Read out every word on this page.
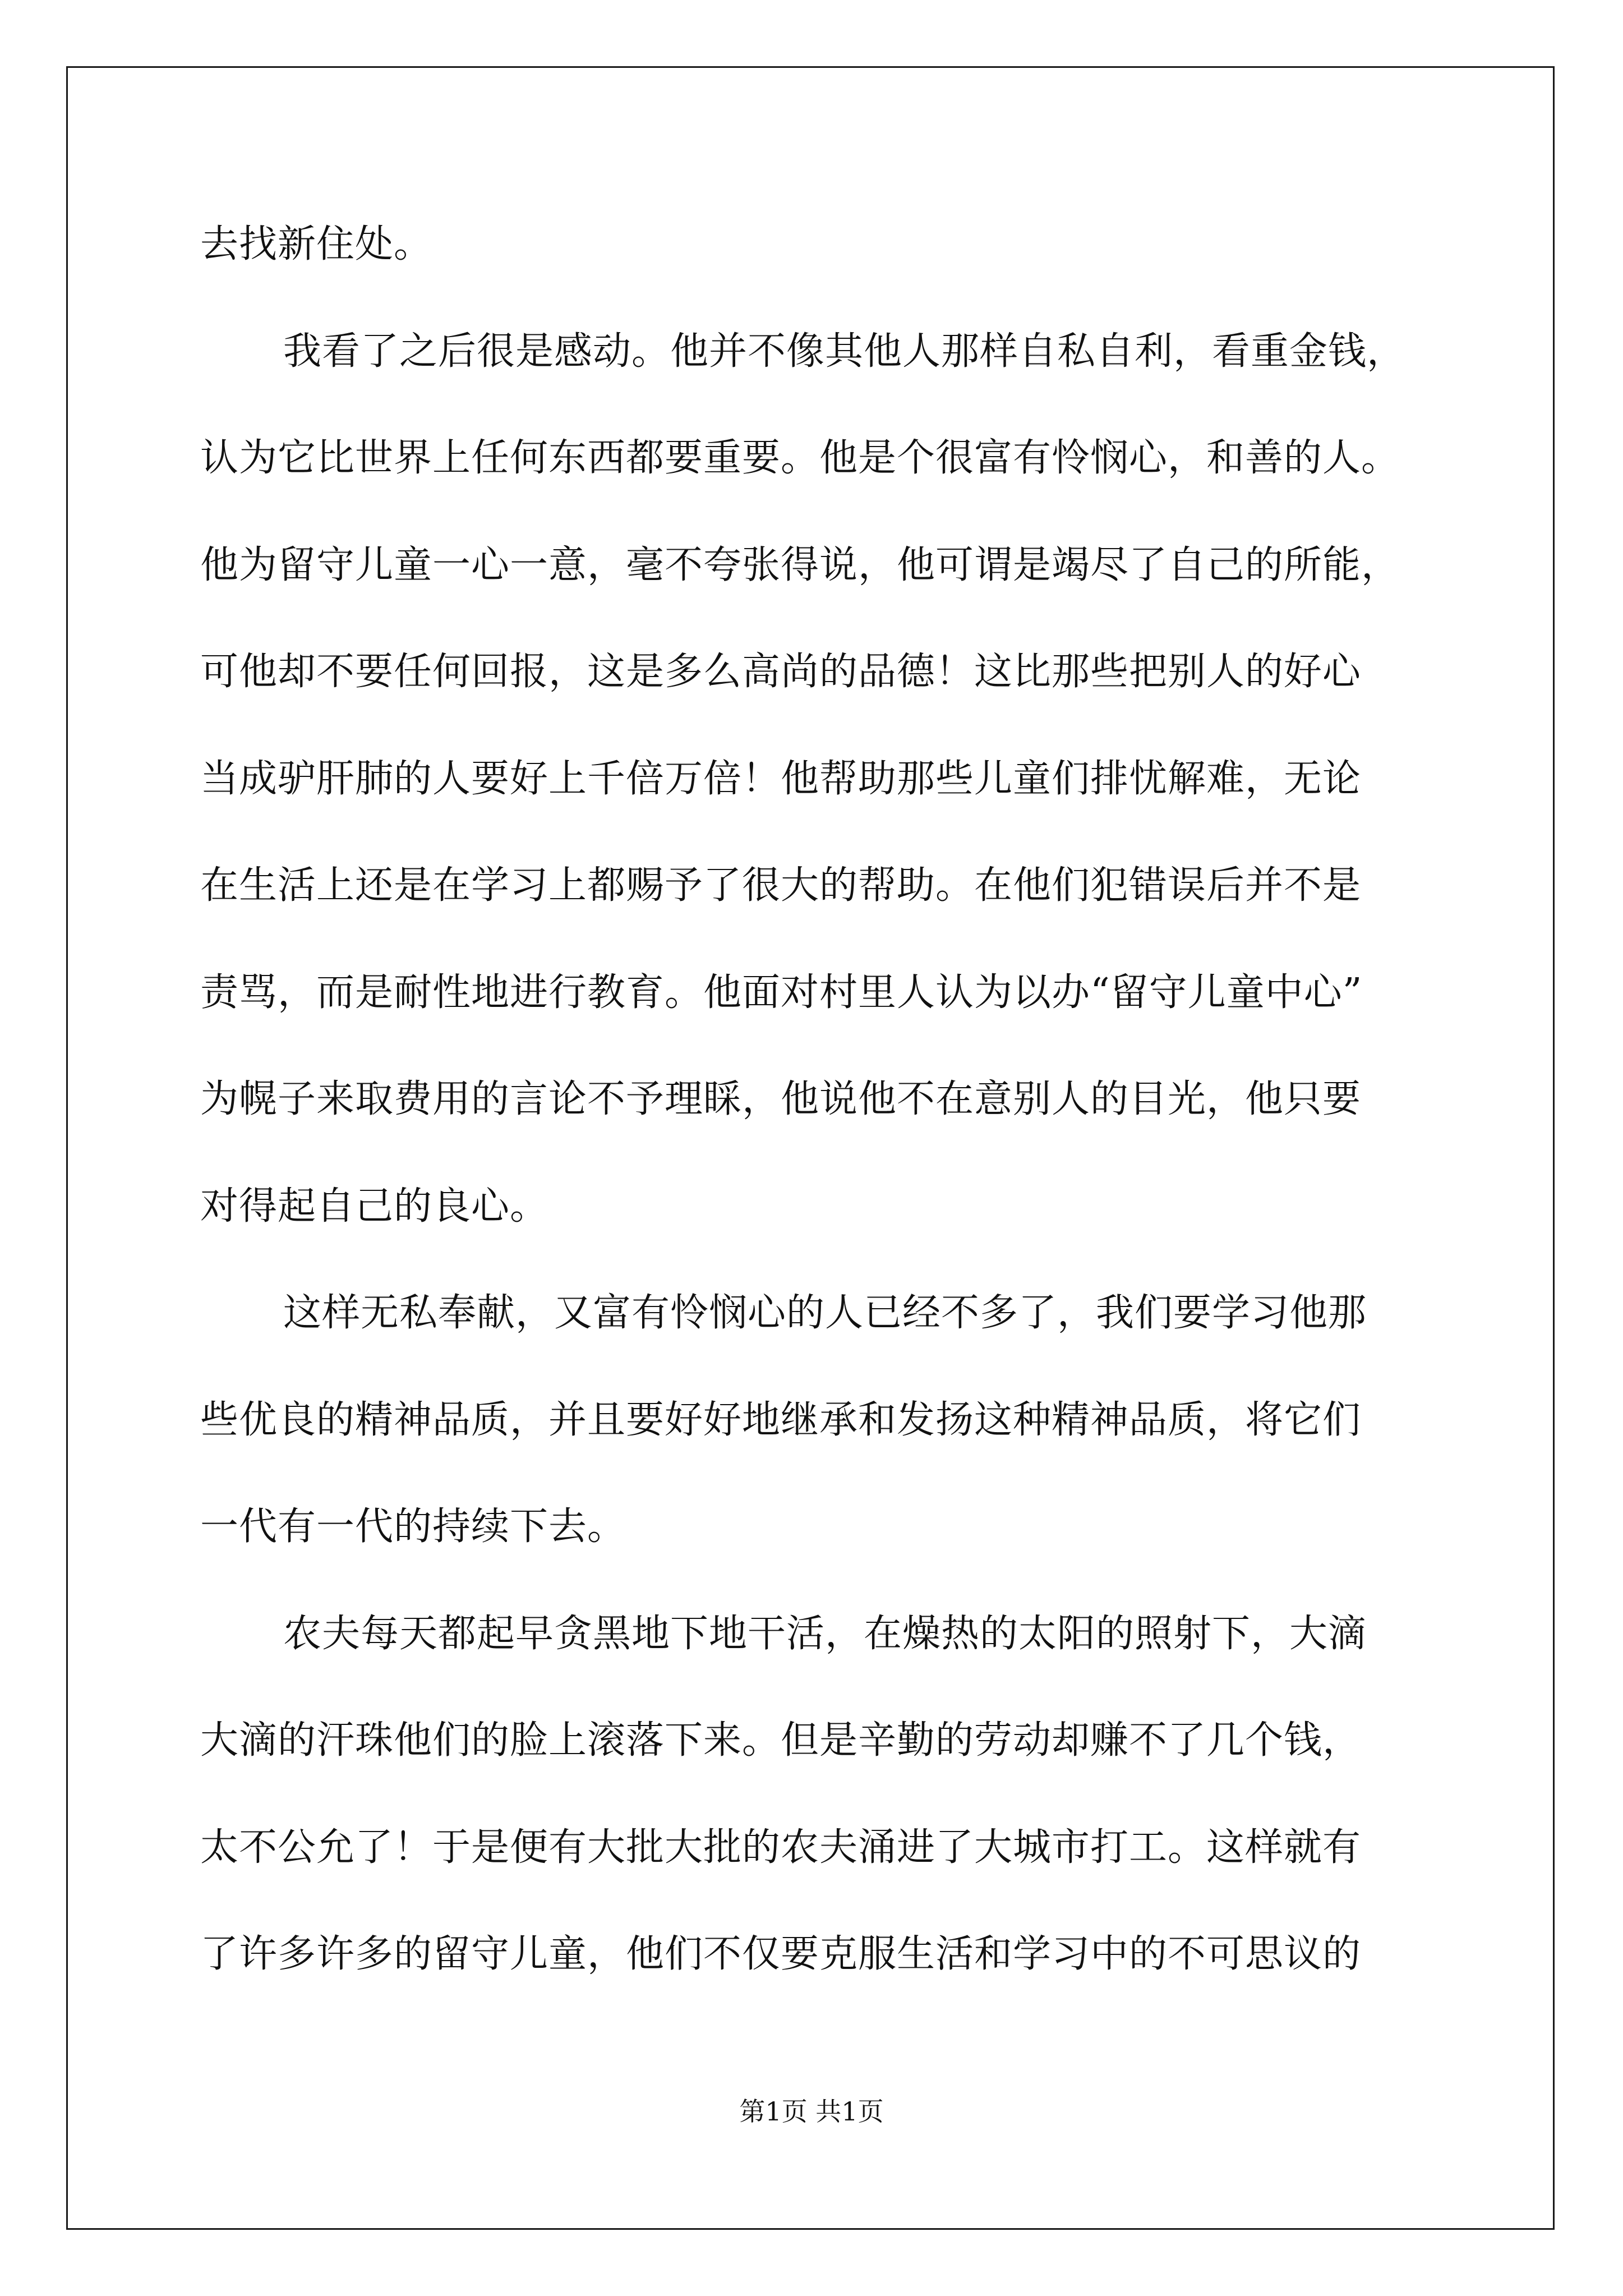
去找新住处。
我看了之后很是感动。他并不像其他人那样自私自利，看重金钱，
认为它比世界上任何东西都要重要。他是个很富有怜悯心，和善的人。
他为留守儿童一心一意，毫不夸张得说，他可谓是竭尽了自己的所能，
可他却不要任何回报，这是多么高尚的品德！这比那些把别人的好心
当成驴肝肺的人要好上千倍万倍！他帮助那些儿童们排忧解难，无论
在生活上还是在学习上都赐予了很大的帮助。在他们犯错误后并不是
责骂，而是耐性地进行教育。他面对村里人认为以办“留守儿童中心”
为幌子来取费用的言论不予理睬，他说他不在意别人的目光，他只要
对得起自己的良心。
这样无私奉献，又富有怜悯心的人已经不多了，我们要学习他那
些优良的精神品质，并且要好好地继承和发扬这种精神品质，将它们
一代有一代的持续下去。
农夫每天都起早贪黑地下地干活，在燥热的太阳的照射下，大滴
大滴的汗珠他们的脸上滚落下来。但是辛勤的劳动却赚不了几个钱，
太不公允了！于是便有大批大批的农夫涌进了大城市打工。这样就有
了许多许多的留守儿童，他们不仅要克服生活和学习中的不可思议的
第1页 共1页
